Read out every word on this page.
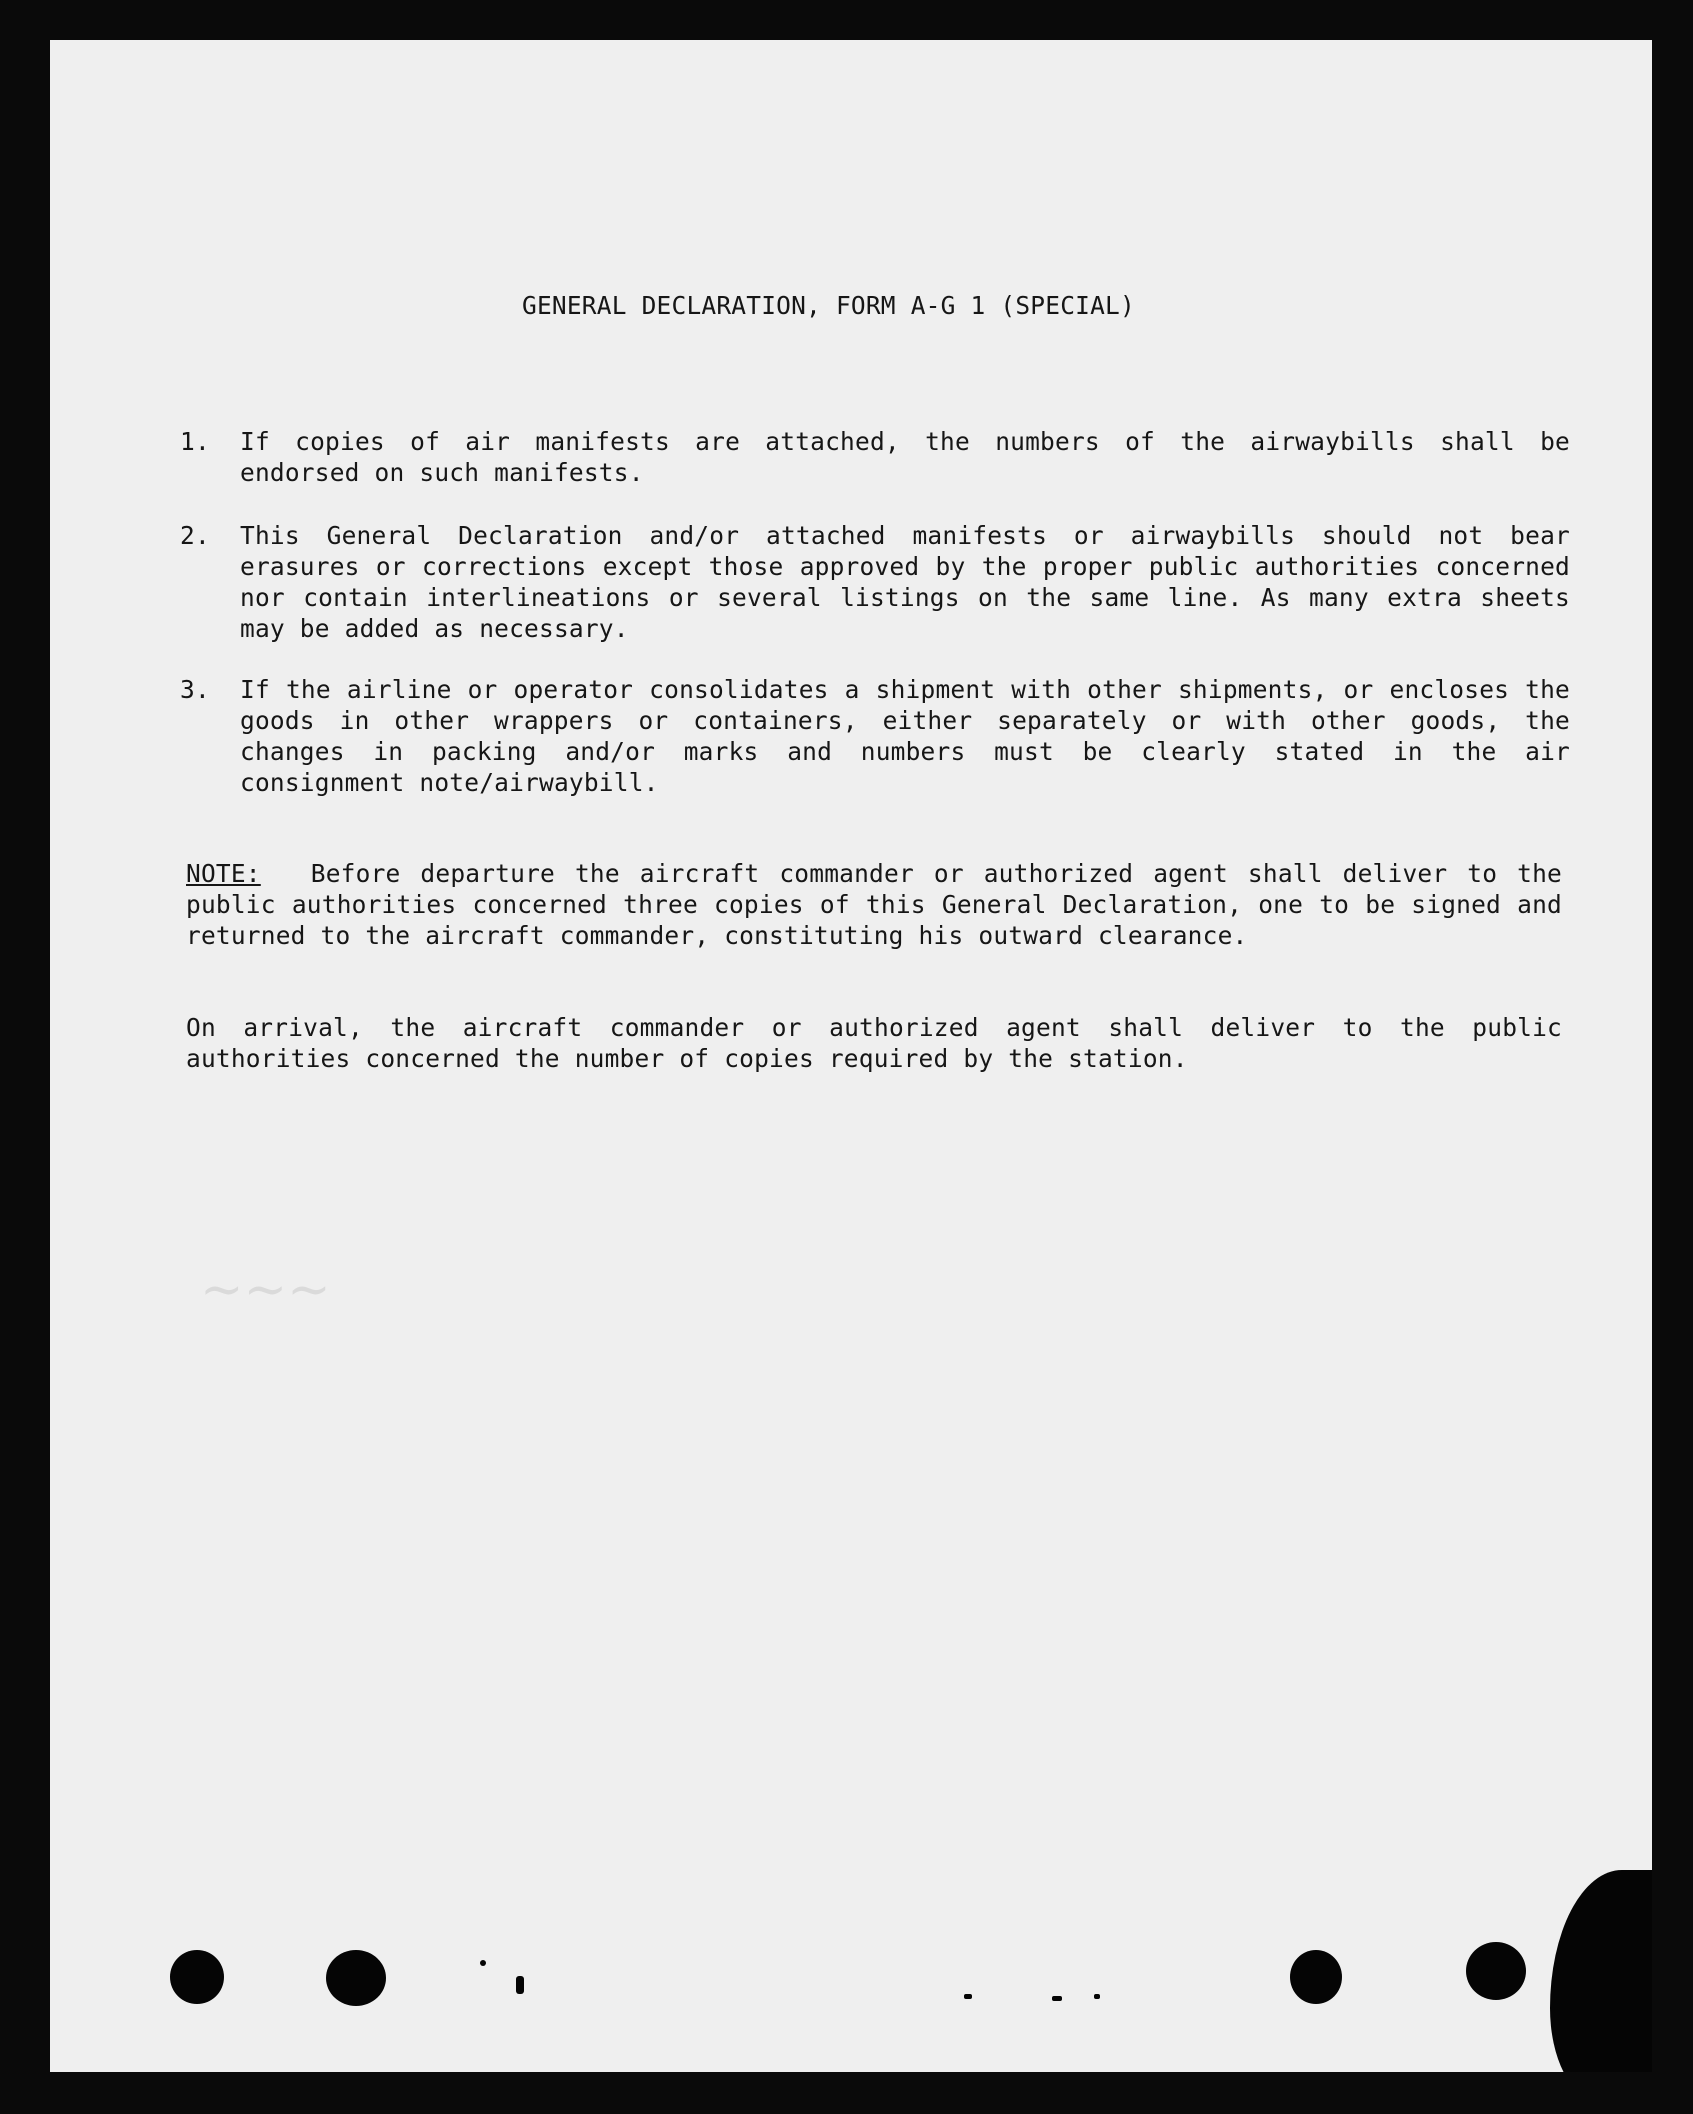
GENERAL DECLARATION, FORM A-G 1 (SPECIAL)
1.	If copies of air manifests are attached, the numbers of the airwaybills shall be endorsed on such manifests.
2.	This General Declaration and/or attached manifests or airwaybills should not bear erasures or corrections except those approved by the proper public authorities concerned nor contain interlineations or several listings on the same line. As many extra sheets may be added as necessary.
3.	If the airline or operator consolidates a shipment with other shipments, or encloses the goods in other wrappers or containers, either separately or with other goods, the changes in packing and/or marks and numbers must be clearly stated in the air consignment note/airwaybill.
NOTE: Before departure the aircraft commander or authorized agent shall deliver to the public authorities concerned three copies of this General Declaration, one to be signed and returned to the aircraft commander, constituting his outward clearance.
On arrival, the aircraft commander or authorized agent shall deliver to the public authorities concerned the number of copies required by the station.
~~~
